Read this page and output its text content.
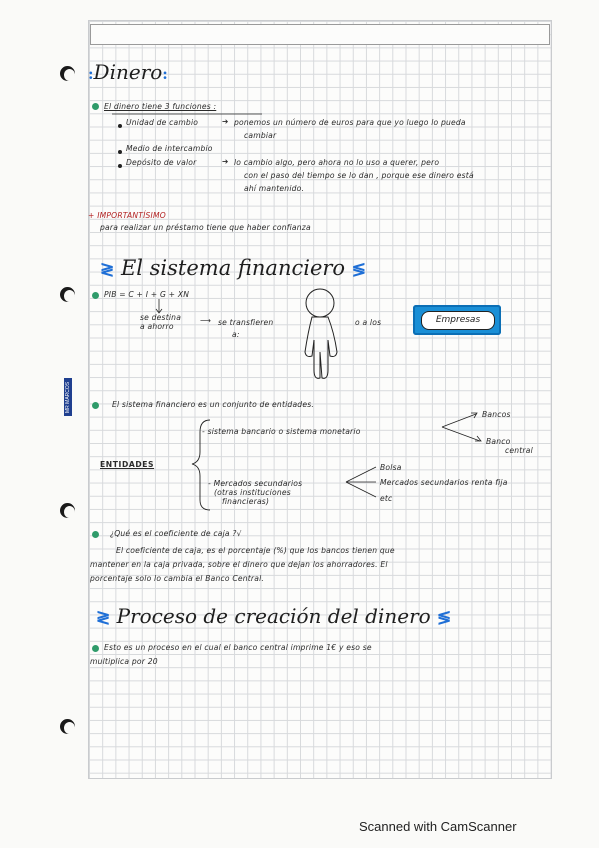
MR MARCOS
:Dinero:
El dinero tiene 3 funciones :
Unidad de cambio	➔ ponemos un número de euros para que yo luego lo pueda
cambiar
Medio de intercambio
Depósito de valor	➔ lo cambio algo, pero ahora no lo uso a querer, pero
con el paso del tiempo se lo dan , porque ese dinero está
ahí mantenido.
+ IMPORTANTÍSIMO
para realizar un préstamo tiene que haber confianza
≷ El sistema financiero ≶
PIB = C + I + G + XN
se destina
a ahorro
⟶ se transfieren
a:
o a los	Empresas
El sistema financiero es un conjunto de entidades.
- sistema bancario o sistema monetario
Bancos
Banco
central
ENTIDADES
- Mercados secundarios
(otras instituciones
financieras)
Bolsa
Mercados secundarios renta fija
etc
¿Qué es el coeficiente de caja ?√
El coeficiente de caja, es el porcentaje (%) que los bancos tienen que
mantener en la caja privada, sobre el dinero que dejan los ahorradores. El
porcentaje solo lo cambia el Banco Central.
≷ Proceso de creación del dinero ≶
Esto es un proceso en el cual el banco central imprime 1€ y eso se
multiplica por 20
Scanned with CamScanner
